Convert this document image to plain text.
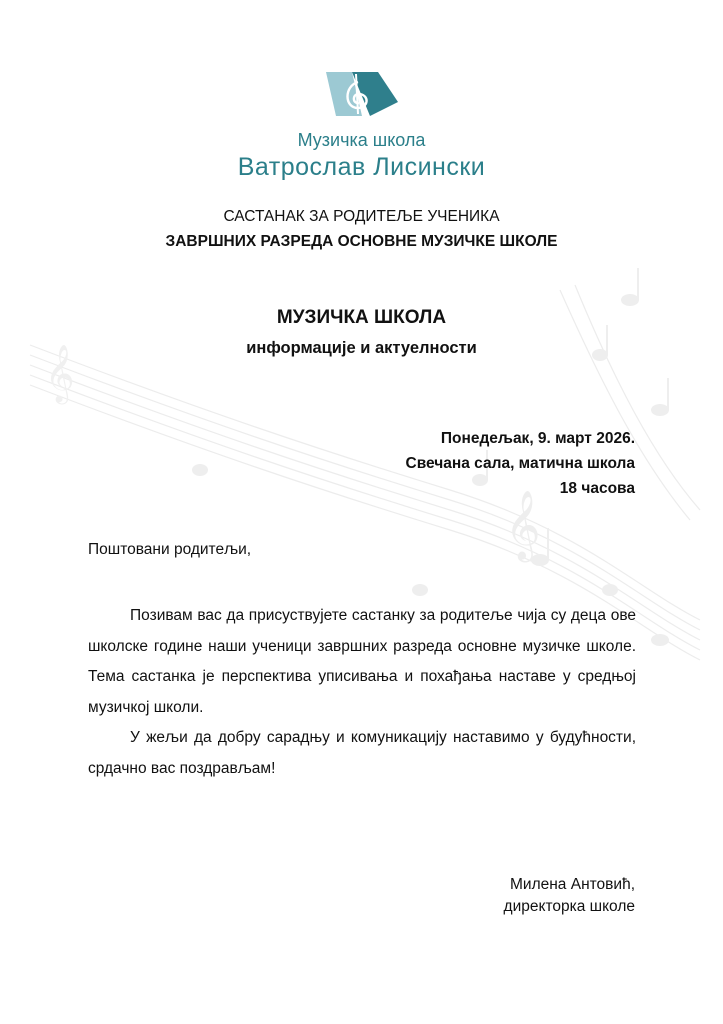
𝄞
𝄞
Музичка школа
Ватрослав Лисински
САСТАНАК ЗА РОДИТЕЉЕ УЧЕНИКА
ЗАВРШНИХ РАЗРЕДА ОСНОВНЕ МУЗИЧКЕ ШКОЛЕ
МУЗИЧКА ШКОЛА
информације и актуелности
Понедељак, 9. март 2026.
Свечана сала, матична школа
18 часова
Поштовани родитељи,

Позивам вас да присуствујете састанку за родитеље чија су деца ове школске године наши ученици завршних разреда основне музичке школе. Тема састанка је перспектива уписивања и похађања наставе у средњој музичкој школи.

У жељи да добру сарадњу и комуникацију наставимо у будућности, срдачно вас поздрављам!

Милена Антовић,
директорка школе
